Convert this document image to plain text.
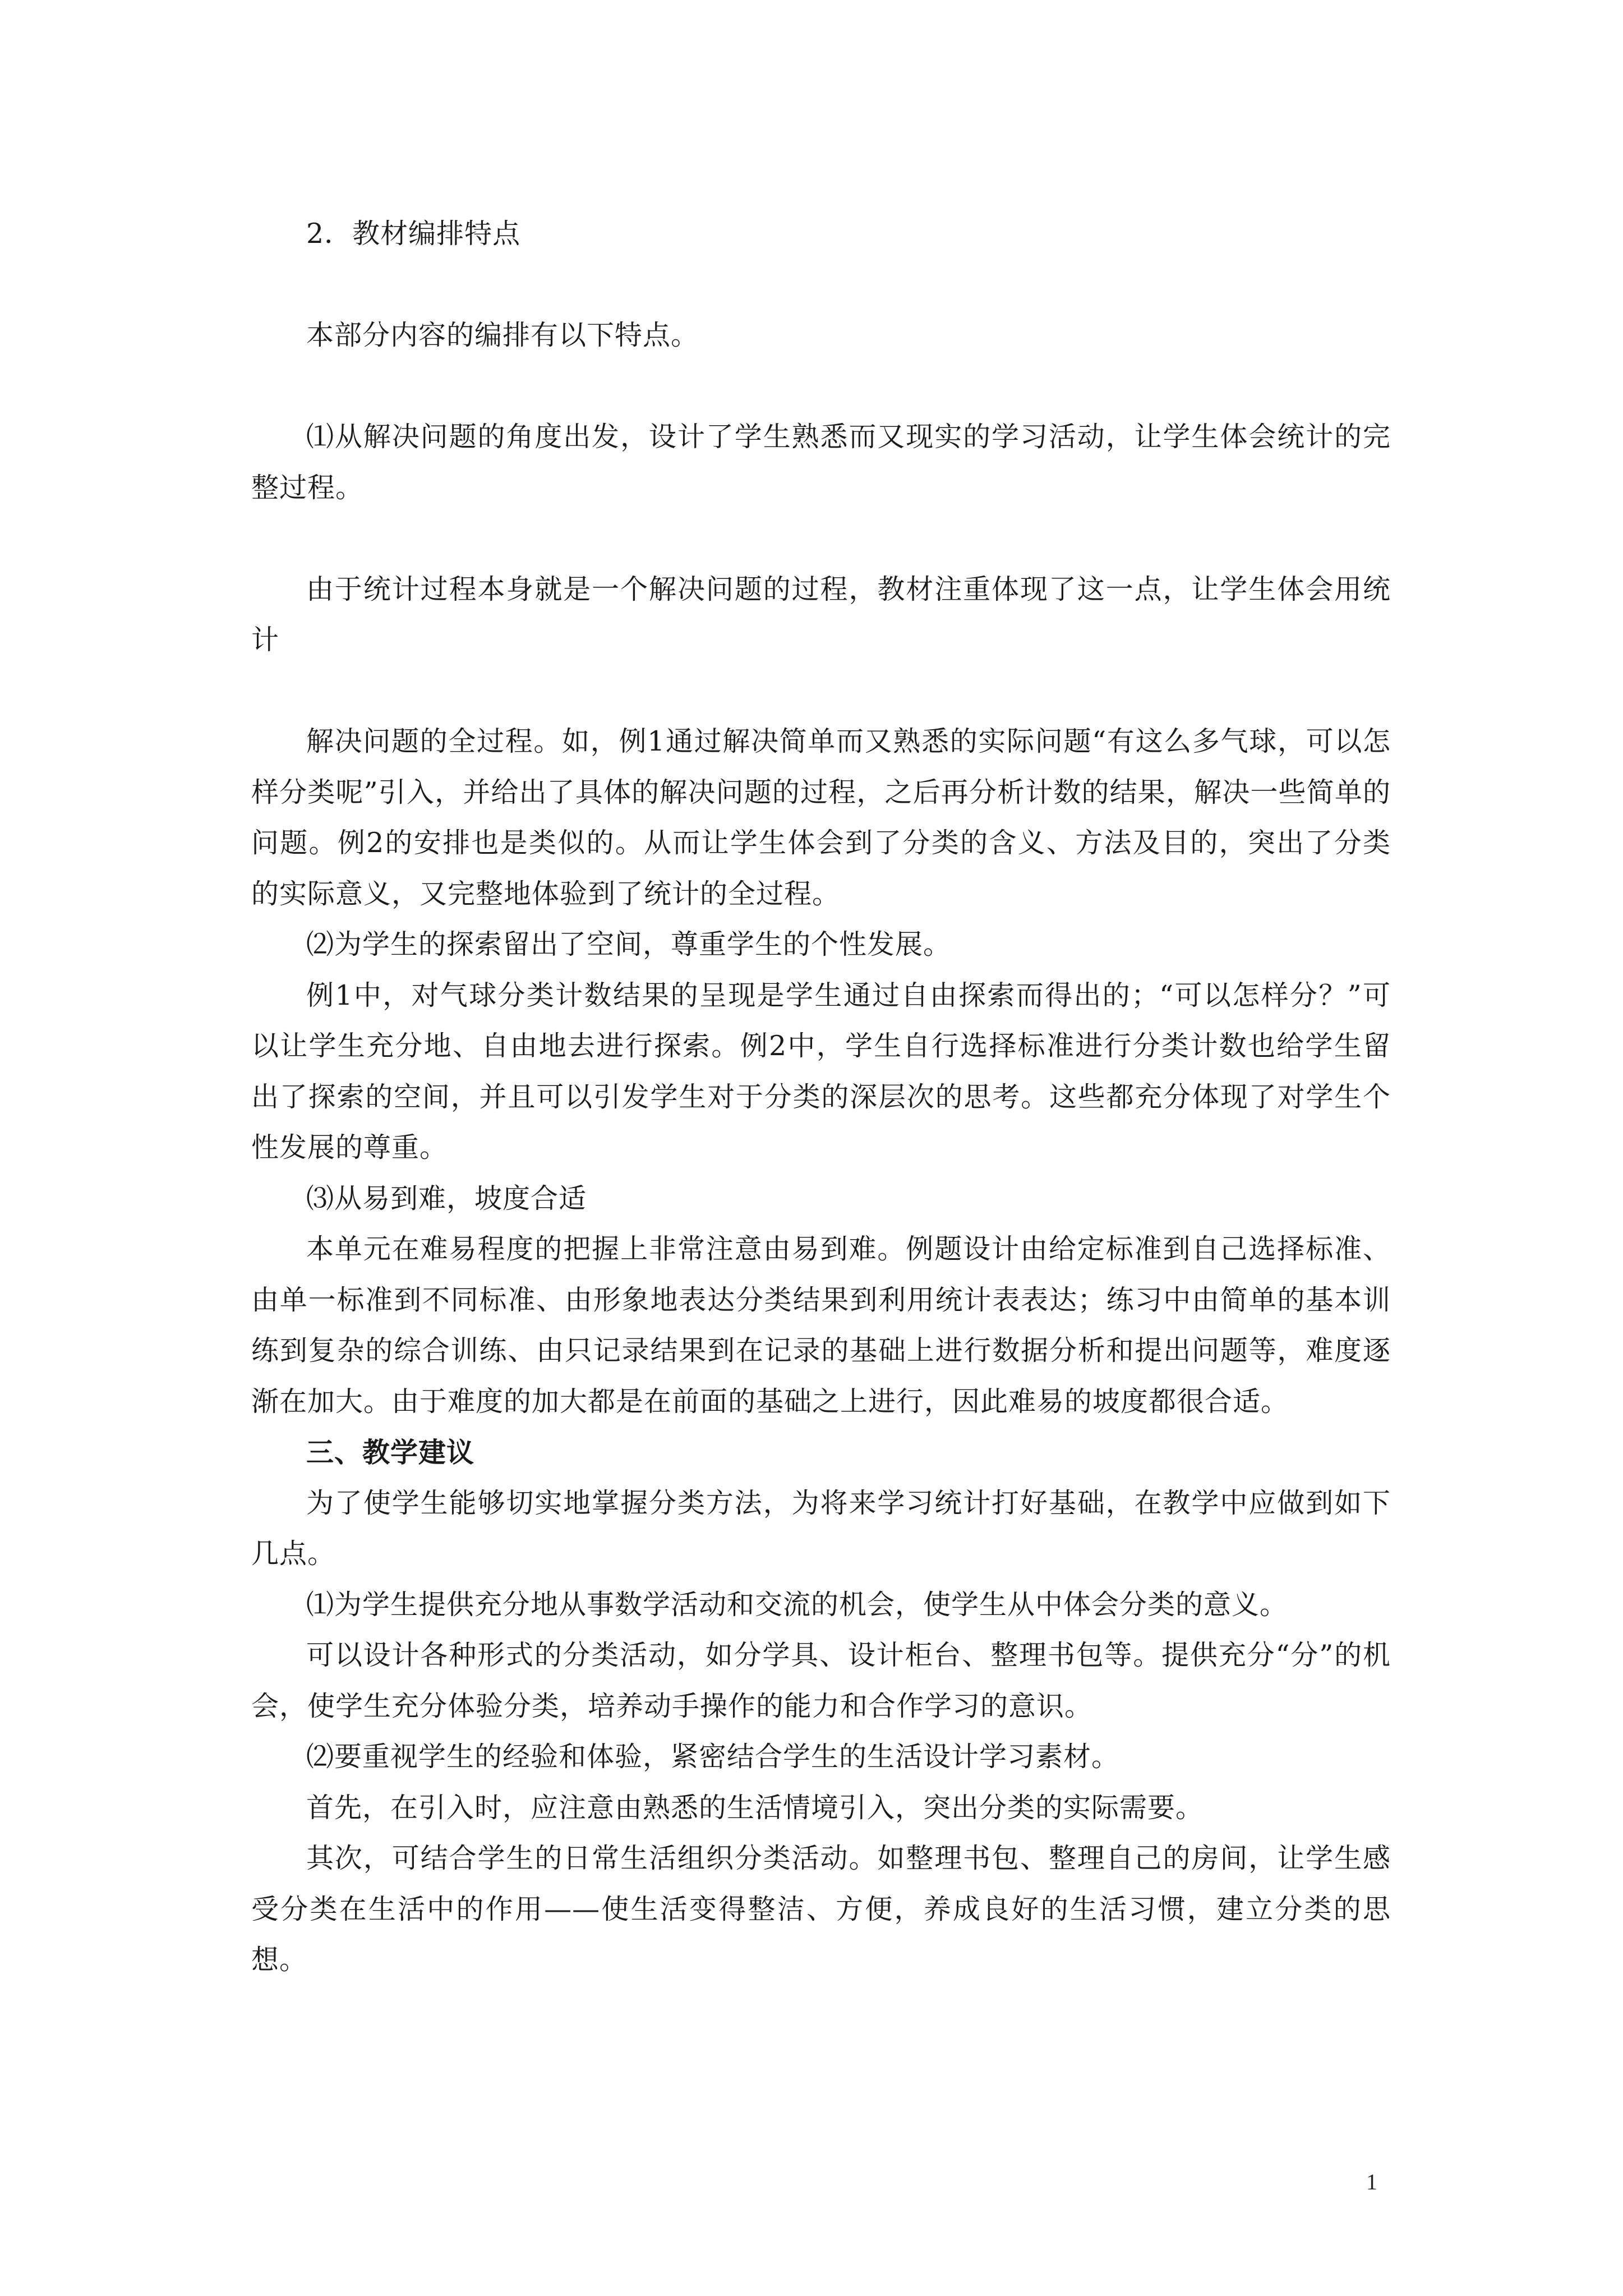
2．教材编排特点

本部分内容的编排有以下特点。

⑴从解决问题的角度出发，设计了学生熟悉而又现实的学习活动，让学生体会统计的完整过程。

由于统计过程本身就是一个解决问题的过程，教材注重体现了这一点，让学生体会用统计

解决问题的全过程。如，例1通过解决简单而又熟悉的实际问题“有这么多气球，可以怎样分类呢”引入，并给出了具体的解决问题的过程，之后再分析计数的结果，解决一些简单的问题。例2的安排也是类似的。从而让学生体会到了分类的含义、方法及目的，突出了分类的实际意义，又完整地体验到了统计的全过程。

⑵为学生的探索留出了空间，尊重学生的个性发展。

例1中，对气球分类计数结果的呈现是学生通过自由探索而得出的；“可以怎样分？”可以让学生充分地、自由地去进行探索。例2中，学生自行选择标准进行分类计数也给学生留出了探索的空间，并且可以引发学生对于分类的深层次的思考。这些都充分体现了对学生个性发展的尊重。

⑶从易到难，坡度合适

本单元在难易程度的把握上非常注意由易到难。例题设计由给定标准到自己选择标准、由单一标准到不同标准、由形象地表达分类结果到利用统计表表达；练习中由简单的基本训练到复杂的综合训练、由只记录结果到在记录的基础上进行数据分析和提出问题等，难度逐渐在加大。由于难度的加大都是在前面的基础之上进行，因此难易的坡度都很合适。

三、教学建议

为了使学生能够切实地掌握分类方法，为将来学习统计打好基础，在教学中应做到如下几点。

⑴为学生提供充分地从事数学活动和交流的机会，使学生从中体会分类的意义。

可以设计各种形式的分类活动，如分学具、设计柜台、整理书包等。提供充分“分”的机会，使学生充分体验分类，培养动手操作的能力和合作学习的意识。

⑵要重视学生的经验和体验，紧密结合学生的生活设计学习素材。

首先，在引入时，应注意由熟悉的生活情境引入，突出分类的实际需要。

其次，可结合学生的日常生活组织分类活动。如整理书包、整理自己的房间，让学生感受分类在生活中的作用——使生活变得整洁、方便，养成良好的生活习惯，建立分类的思想。

1
